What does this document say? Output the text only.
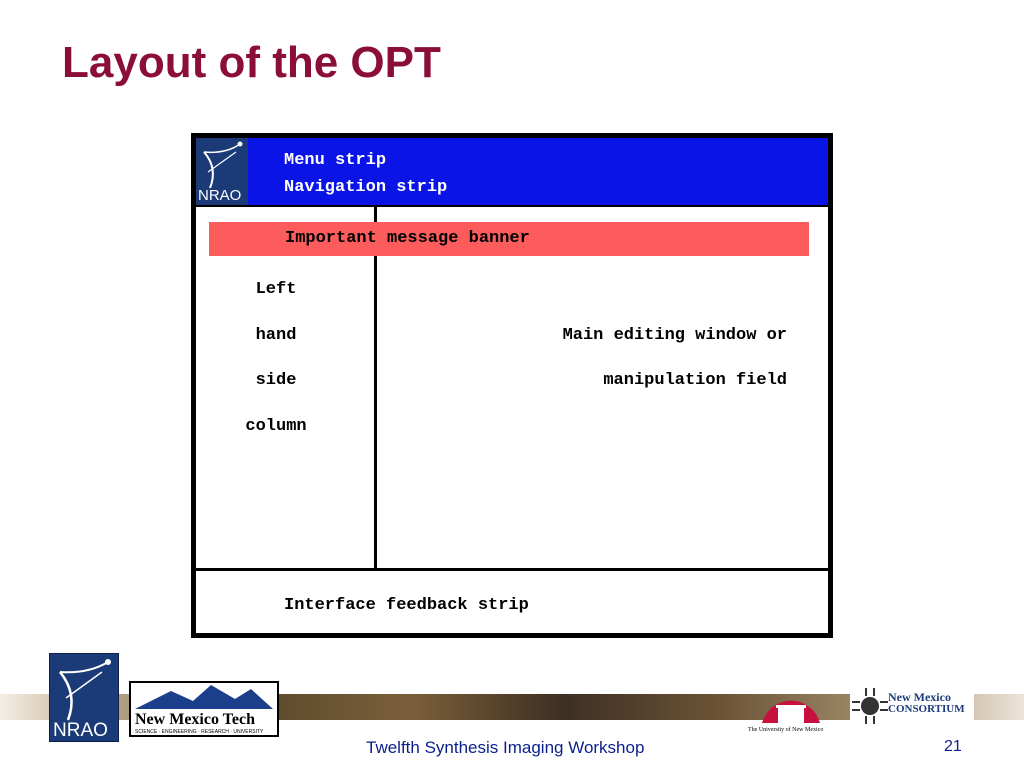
Layout of the OPT
NRAO
Menu strip
Navigation strip
Important message banner
Left
hand
side
column
Main editing window or
manipulation field
Interface feedback strip
NRAO
New Mexico Tech
SCIENCE · ENGINEERING · RESEARCH · UNIVERSITY	The University of New Mexico
New Mexico
CONSORTIUM
Twelfth Synthesis Imaging Workshop	21
